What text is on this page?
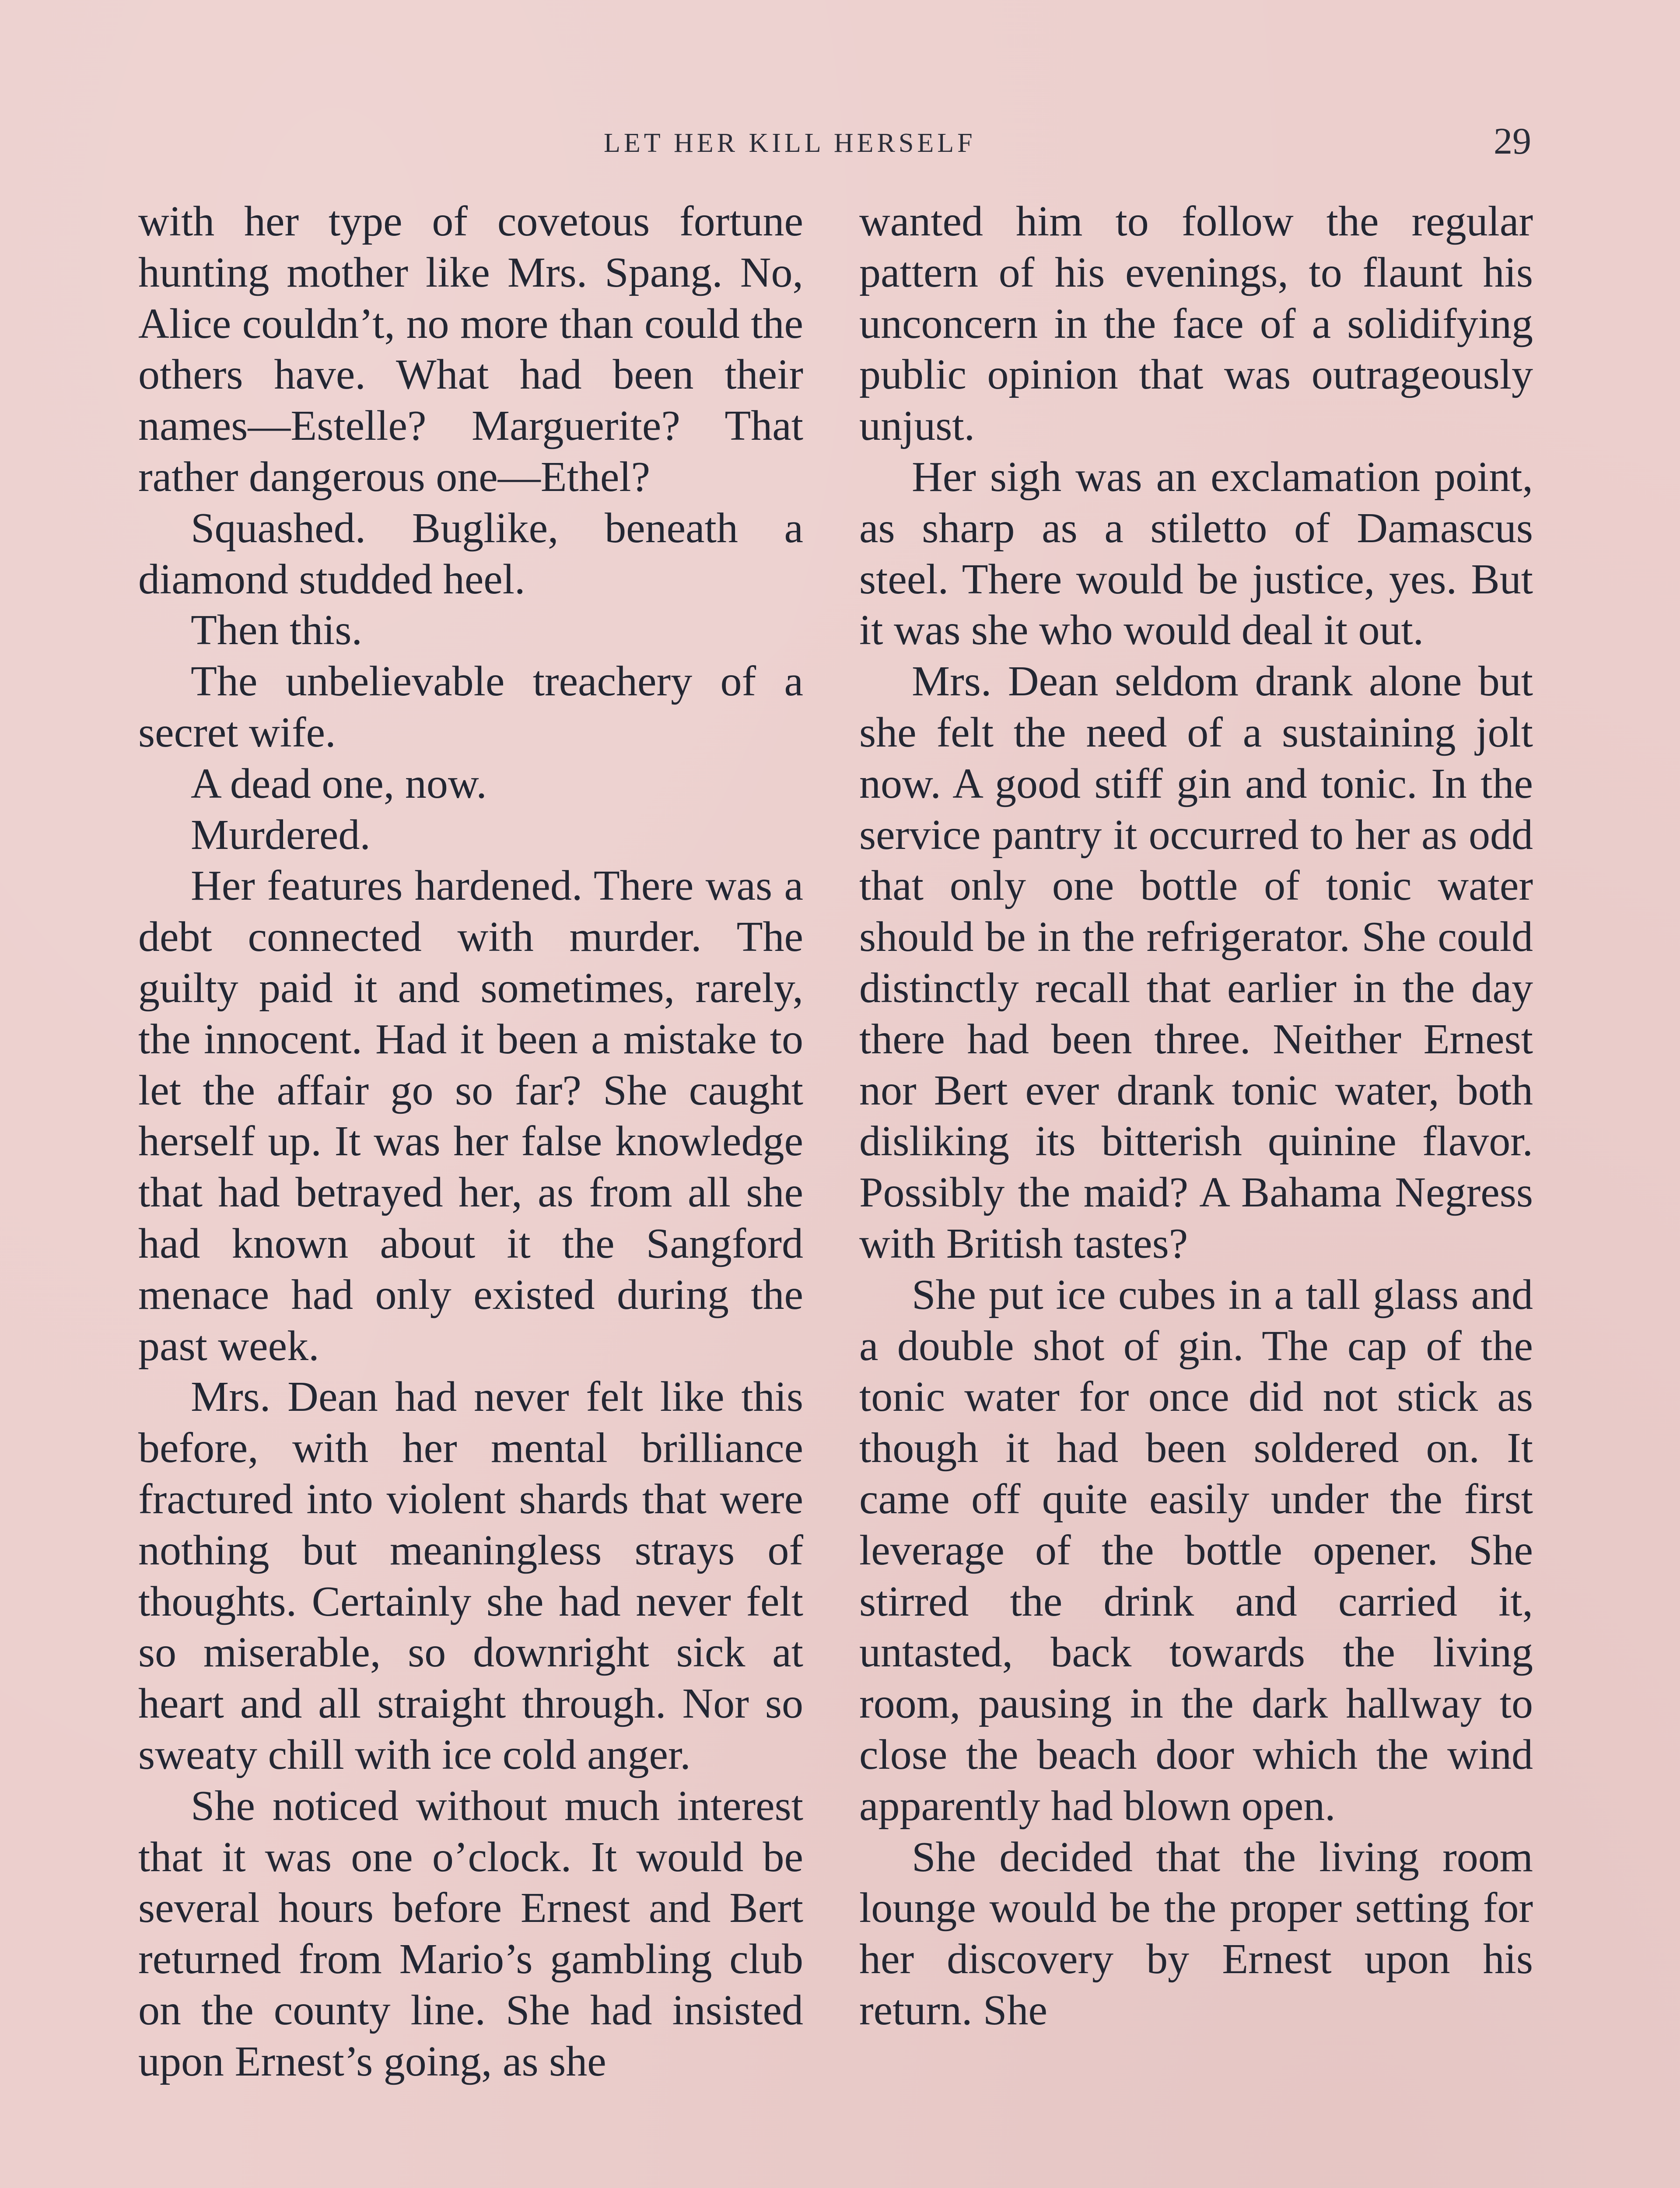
LET HER KILL HERSELF	29

with her type of covetous fortune hunting mother like Mrs. Spang. No, Alice couldn’t, no more than could the others have. What had been their names—Estelle? Marguerite? That rather dangerous one—Ethel?

Squashed. Buglike, beneath a diamond studded heel.

Then this.

The unbelievable treachery of a secret wife.

A dead one, now.

Murdered.

Her features hardened. There was a debt connected with murder. The guilty paid it and sometimes, rarely, the innocent. Had it been a mistake to let the affair go so far? She caught herself up. It was her false knowledge that had betrayed her, as from all she had known about it the Sangford menace had only existed during the past week.

Mrs. Dean had never felt like this before, with her mental brilliance fractured into violent shards that were nothing but meaningless strays of thoughts. Certainly she had never felt so miserable, so downright sick at heart and all straight through. Nor so sweaty chill with ice cold anger.

She noticed without much interest that it was one o’clock. It would be several hours before Ernest and Bert returned from Mario’s gambling club on the county line. She had insisted upon Ernest’s going, as she

wanted him to follow the regular pattern of his evenings, to flaunt his unconcern in the face of a solidifying public opinion that was outrageously unjust.

Her sigh was an exclamation point, as sharp as a stiletto of Damascus steel. There would be justice, yes. But it was she who would deal it out.

Mrs. Dean seldom drank alone but she felt the need of a sustaining jolt now. A good stiff gin and tonic. In the service pantry it occurred to her as odd that only one bottle of tonic water should be in the refrigerator. She could distinctly recall that earlier in the day there had been three. Neither Ernest nor Bert ever drank tonic water, both disliking its bitterish quinine flavor. Possibly the maid? A Bahama Negress with British tastes?

She put ice cubes in a tall glass and a double shot of gin. The cap of the tonic water for once did not stick as though it had been soldered on. It came off quite easily under the first leverage of the bottle opener. She stirred the drink and carried it, untasted, back towards the living room, pausing in the dark hallway to close the beach door which the wind apparently had blown open.

She decided that the living room lounge would be the proper setting for her discovery by Ernest upon his return. She
